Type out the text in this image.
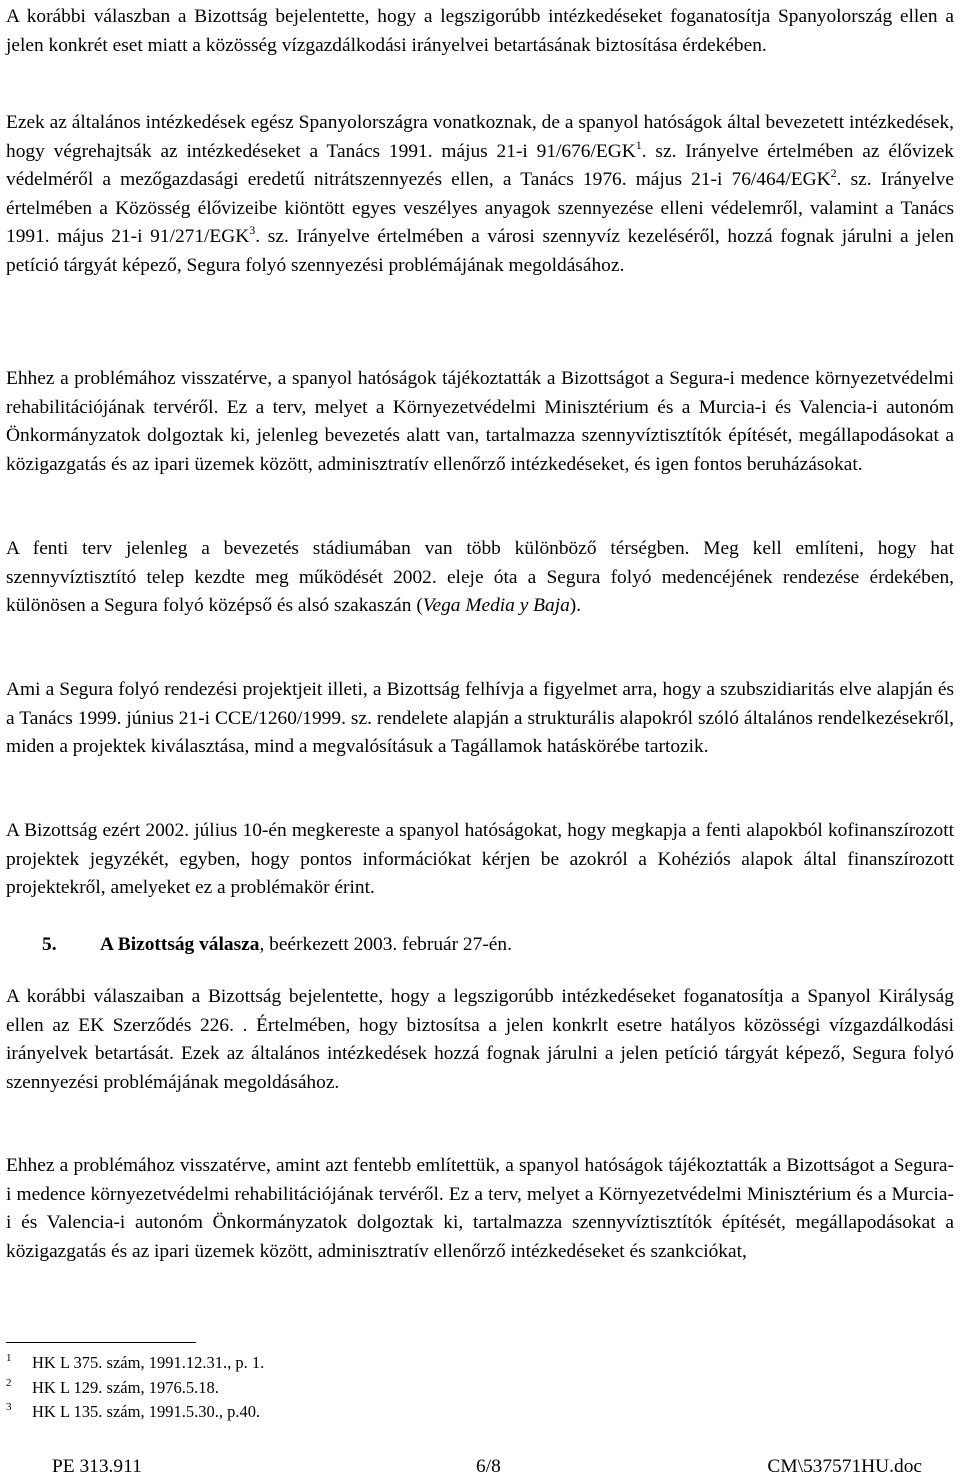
A korábbi válaszban a Bizottság bejelentette, hogy a legszigorúbb intézkedéseket foganatosítja Spanyolország ellen a jelen konkrét eset miatt a közösség vízgazdálkodási irányelvei betartásának biztosítása érdekében.

Ezek az általános intézkedések egész Spanyolországra vonatkoznak, de a spanyol hatóságok által bevezetett intézkedések, hogy végrehajtsák az intézkedéseket a Tanács 1991. május 21-i 91/676/EGK$^1$. sz. Irányelve értelmében az élővizek védelméről a mezőgazdasági eredetű nitrátszennyezés ellen, a Tanács 1976. május 21-i 76/464/EGK$^2$. sz. Irányelve értelmében a Közösség élővizeibe kiöntött egyes veszélyes anyagok szennyezése elleni védelemről, valamint a Tanács 1991. május 21-i 91/271/EGK$^3$. sz. Irányelve értelmében a városi szennyvíz kezeléséről, hozzá fognak járulni a jelen petíció tárgyát képező, Segura folyó szennyezési problémájának megoldásához.

Ehhez a problémához visszatérve, a spanyol hatóságok tájékoztatták a Bizottságot a Segura-i medence környezetvédelmi rehabilitációjának tervéről. Ez a terv, melyet a Környezetvédelmi Minisztérium és a Murcia-i és Valencia-i autonóm Önkormányzatok dolgoztak ki, jelenleg bevezetés alatt van, tartalmazza szennyvíztisztítók építését, megállapodásokat a közigazgatás és az ipari üzemek között, adminisztratív ellenőrző intézkedéseket, és igen fontos beruházásokat.

A fenti terv jelenleg a bevezetés stádiumában van több különböző térségben. Meg kell említeni, hogy hat szennyvíztisztító telep kezdte meg működését 2002. eleje óta a Segura folyó medencéjének rendezése érdekében, különösen a Segura folyó középső és alsó szakaszán (Vega Media y Baja).

Ami a Segura folyó rendezési projektjeit illeti, a Bizottság felhívja a figyelmet arra, hogy a szubszidiaritás elve alapján és a Tanács 1999. június 21-i CCE/1260/1999. sz. rendelete alapján a strukturális alapokról szóló általános rendelkezésekről, miden a projektek kiválasztása, mind a megvalósításuk a Tagállamok hatáskörébe tartozik.

A Bizottság ezért 2002. július 10-én megkereste a spanyol hatóságokat, hogy megkapja a fenti alapokból kofinanszírozott projektek jegyzékét, egyben, hogy pontos információkat kérjen be azokról a Kohéziós alapok által finanszírozott projektekről, amelyeket ez a problémakör érint.

5. A Bizottság válasza, beérkezett 2003. február 27-én.

A korábbi válaszaiban a Bizottság bejelentette, hogy a legszigorúbb intézkedéseket foganatosítja a Spanyol Királyság ellen az EK Szerződés 226. . Értelmében, hogy biztosítsa a jelen konkrlt esetre hatályos közösségi vízgazdálkodási irányelvek betartását. Ezek az általános intézkedések hozzá fognak járulni a jelen petíció tárgyát képező, Segura folyó szennyezési problémájának megoldásához.

Ehhez a problémához visszatérve, amint azt fentebb említettük, a spanyol hatóságok tájékoztatták a Bizottságot a Segura-i medence környezetvédelmi rehabilitációjának tervéről. Ez a terv, melyet a Környezetvédelmi Minisztérium és a Murcia-i és Valencia-i autonóm Önkormányzatok dolgoztak ki, tartalmazza szennyvíztisztítók építését, megállapodásokat a közigazgatás és az ipari üzemek között, adminisztratív ellenőrző intézkedéseket és szankciókat,

1 HK L 375. szám, 1991.12.31., p. 1.

2 HK L 129. szám, 1976.5.18.

3 HK L 135. szám, 1991.5.30., p.40.

PE 313.911	6/8	CM\537571HU.doc
